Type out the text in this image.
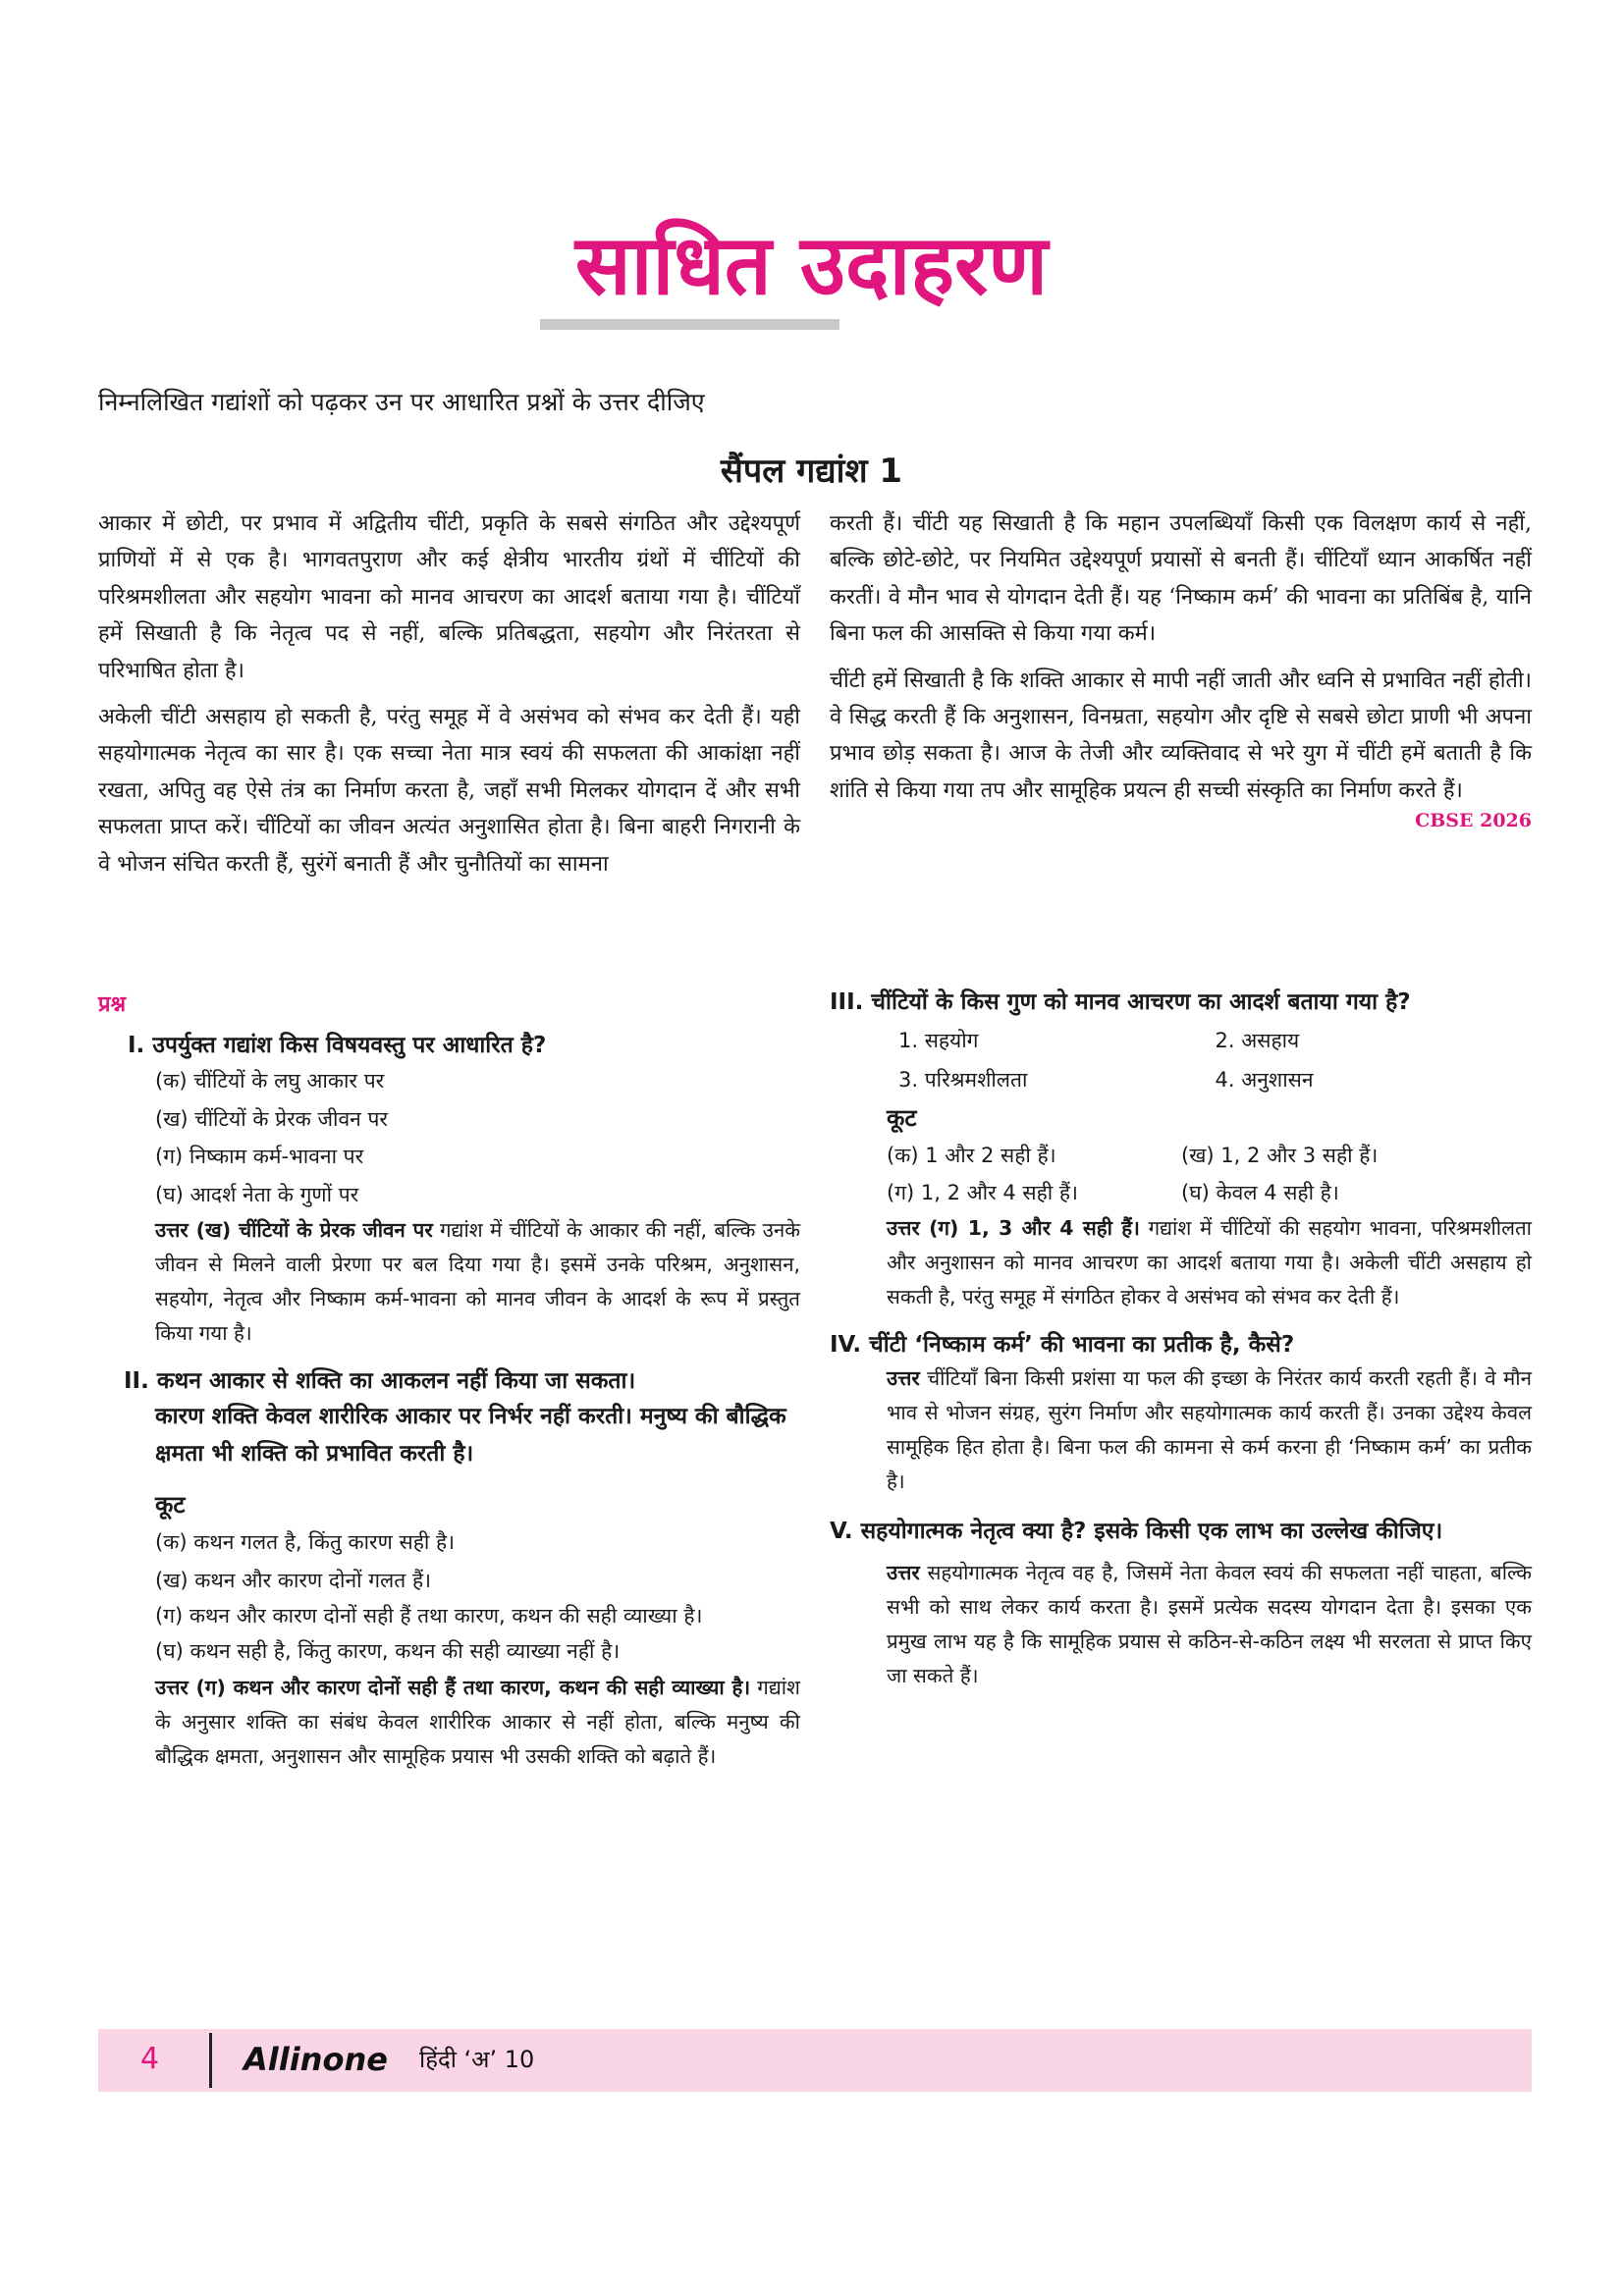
साधित उदाहरण
निम्नलिखित गद्यांशों को पढ़कर उन पर आधारित प्रश्नों के उत्तर दीजिए
सैंपल गद्यांश 1

आकार में छोटी, पर प्रभाव में अद्वितीय चींटी, प्रकृति के सबसे संगठित और उद्देश्यपूर्ण प्राणियों में से एक है। भागवतपुराण और कई क्षेत्रीय भारतीय ग्रंथों में चींटियों की परिश्रमशीलता और सहयोग भावना को मानव आचरण का आदर्श बताया गया है। चींटियाँ हमें सिखाती है कि नेतृत्व पद से नहीं, बल्कि प्रतिबद्धता, सहयोग और निरंतरता से परिभाषित होता है।

अकेली चींटी असहाय हो सकती है, परंतु समूह में वे असंभव को संभव कर देती हैं। यही सहयोगात्मक नेतृत्व का सार है। एक सच्चा नेता मात्र स्वयं की सफलता की आकांक्षा नहीं रखता, अपितु वह ऐसे तंत्र का निर्माण करता है, जहाँ सभी मिलकर योगदान दें और सभी सफलता प्राप्त करें। चींटियों का जीवन अत्यंत अनुशासित होता है। बिना बाहरी निगरानी के वे भोजन संचित करती हैं, सुरंगें बनाती हैं और चुनौतियों का सामना

करती हैं। चींटी यह सिखाती है कि महान उपलब्धियाँ किसी एक विलक्षण कार्य से नहीं, बल्कि छोटे-छोटे, पर नियमित उद्देश्यपूर्ण प्रयासों से बनती हैं। चींटियाँ ध्यान आकर्षित नहीं करतीं। वे मौन भाव से योगदान देती हैं। यह ‘निष्काम कर्म’ की भावना का प्रतिबिंब है, यानि बिना फल की आसक्ति से किया गया कर्म।

चींटी हमें सिखाती है कि शक्ति आकार से मापी नहीं जाती और ध्वनि से प्रभावित नहीं होती। वे सिद्ध करती हैं कि अनुशासन, विनम्रता, सहयोग और दृष्टि से सबसे छोटा प्राणी भी अपना प्रभाव छोड़ सकता है। आज के तेजी और व्यक्तिवाद से भरे युग में चींटी हमें बताती है कि शांति से किया गया तप और सामूहिक प्रयत्न ही सच्ची संस्कृति का निर्माण करते हैं।

CBSE 2026
प्रश्न
I. उपर्युक्त गद्यांश किस विषयवस्तु पर आधारित है?
(क) चींटियों के लघु आकार पर
(ख) चींटियों के प्रेरक जीवन पर
(ग) निष्काम कर्म-भावना पर
(घ) आदर्श नेता के गुणों पर
उत्तर (ख) चींटियों के प्रेरक जीवन पर गद्यांश में चींटियों के आकार की नहीं, बल्कि उनके जीवन से मिलने वाली प्रेरणा पर बल दिया गया है। इसमें उनके परिश्रम, अनुशासन, सहयोग, नेतृत्व और निष्काम कर्म-भावना को मानव जीवन के आदर्श के रूप में प्रस्तुत किया गया है।
II. कथन आकार से शक्ति का आकलन नहीं किया जा सकता।
कारण शक्ति केवल शारीरिक आकार पर निर्भर नहीं करती। मनुष्य की बौद्धिक क्षमता भी शक्ति को प्रभावित करती है।
कूट
(क) कथन गलत है, किंतु कारण सही है।
(ख) कथन और कारण दोनों गलत हैं।
(ग) कथन और कारण दोनों सही हैं तथा कारण, कथन की सही व्याख्या है।
(घ) कथन सही है, किंतु कारण, कथन की सही व्याख्या नहीं है।
उत्तर (ग) कथन और कारण दोनों सही हैं तथा कारण, कथन की सही व्याख्या है। गद्यांश के अनुसार शक्ति का संबंध केवल शारीरिक आकार से नहीं होता, बल्कि मनुष्य की बौद्धिक क्षमता, अनुशासन और सामूहिक प्रयास भी उसकी शक्ति को बढ़ाते हैं।
III. चींटियों के किस गुण को मानव आचरण का आदर्श बताया गया है?
1. सहयोग	2. असहाय
3. परिश्रमशीलता	4. अनुशासन
कूट
(क) 1 और 2 सही हैं।	(ख) 1, 2 और 3 सही हैं।
(ग) 1, 2 और 4 सही हैं।	(घ) केवल 4 सही है।
उत्तर (ग) 1, 3 और 4 सही हैं। गद्यांश में चींटियों की सहयोग भावना, परिश्रमशीलता और अनुशासन को मानव आचरण का आदर्श बताया गया है। अकेली चींटी असहाय हो सकती है, परंतु समूह में संगठित होकर वे असंभव को संभव कर देती हैं।
IV. चींटी ‘निष्काम कर्म’ की भावना का प्रतीक है, कैसे?
उत्तर चींटियाँ बिना किसी प्रशंसा या फल की इच्छा के निरंतर कार्य करती रहती हैं। वे मौन भाव से भोजन संग्रह, सुरंग निर्माण और सहयोगात्मक कार्य करती हैं। उनका उद्देश्य केवल सामूहिक हित होता है। बिना फल की कामना से कर्म करना ही ‘निष्काम कर्म’ का प्रतीक है।
V. सहयोगात्मक नेतृत्व क्या है? इसके किसी एक लाभ का उल्लेख कीजिए।
उत्तर सहयोगात्मक नेतृत्व वह है, जिसमें नेता केवल स्वयं की सफलता नहीं चाहता, बल्कि सभी को साथ लेकर कार्य करता है। इसमें प्रत्येक सदस्य योगदान देता है। इसका एक प्रमुख लाभ यह है कि सामूहिक प्रयास से कठिन-से-कठिन लक्ष्य भी सरलता से प्राप्त किए जा सकते हैं।
4	Allinone हिंदी ‘अ’ 10
